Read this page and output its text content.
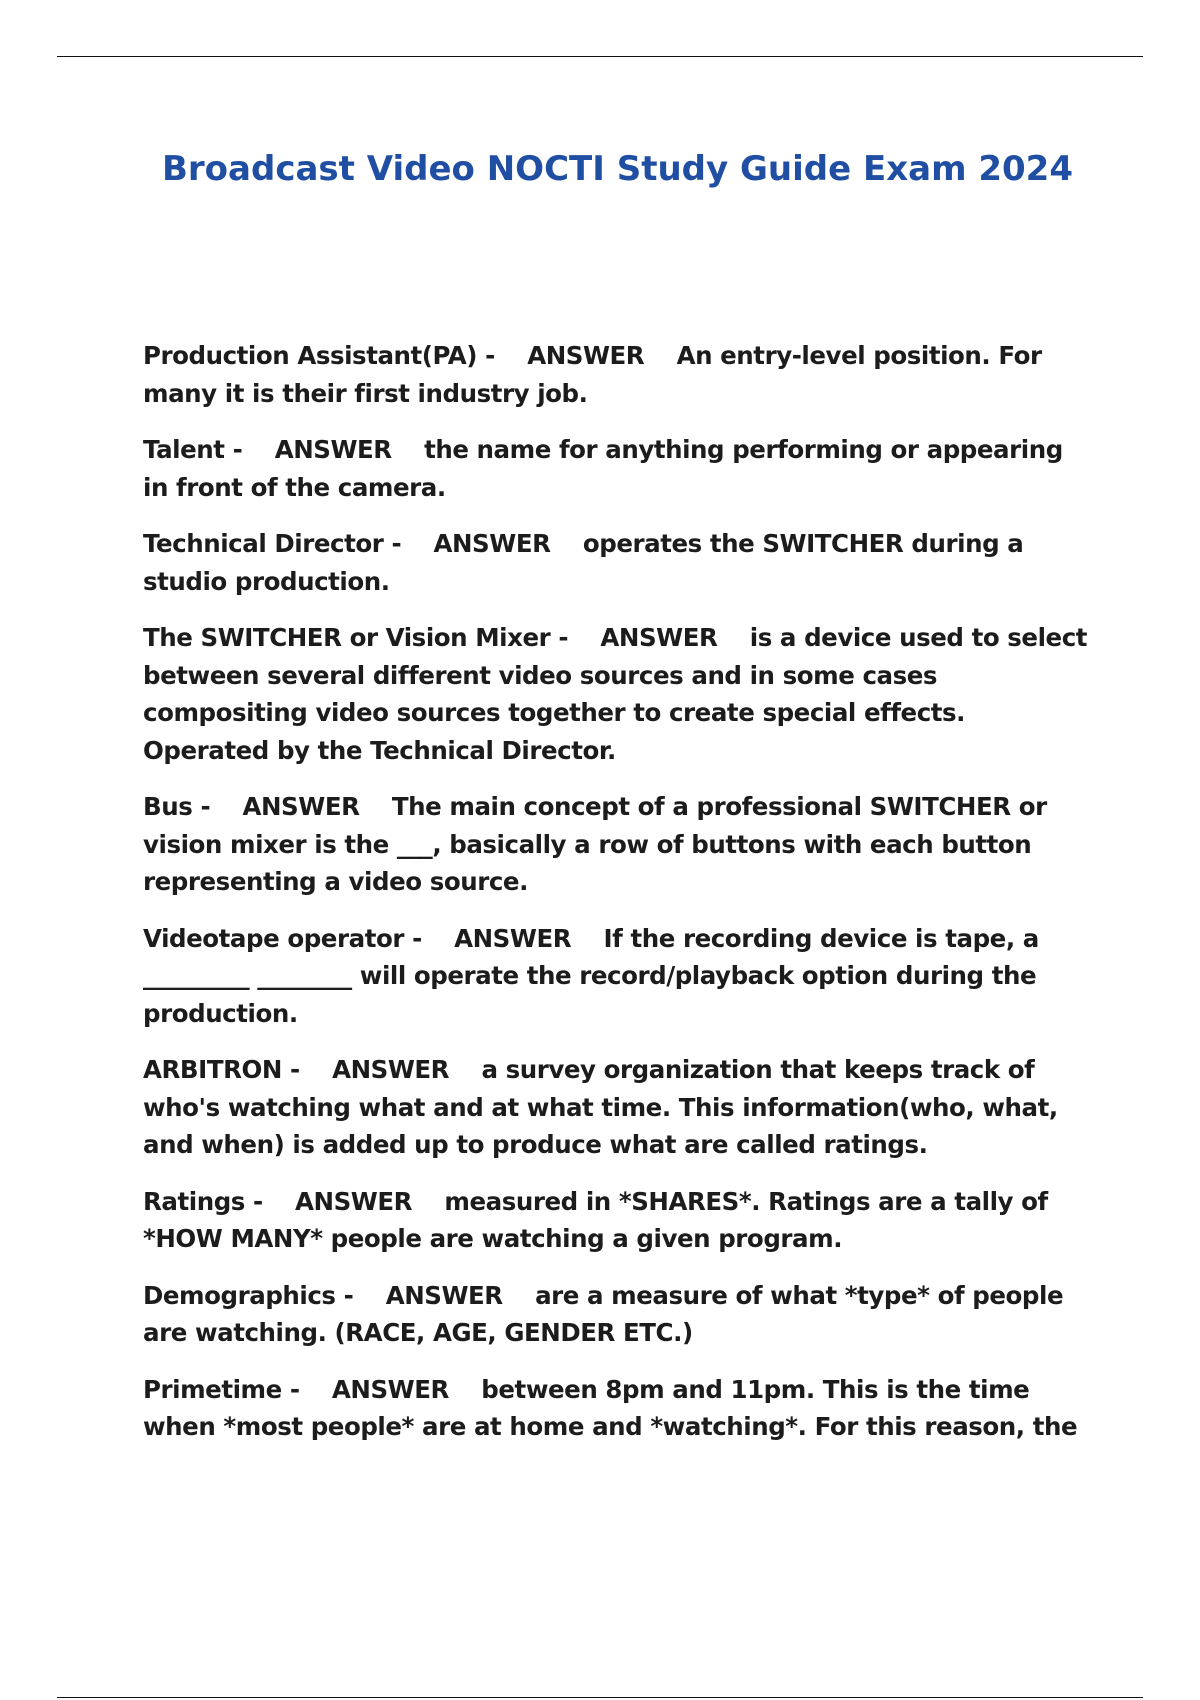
Broadcast Video NOCTI Study Guide Exam 2024
Production Assistant(PA) -    ANSWER An entry-level position. For many it is their first industry job.
Talent -    ANSWER the name for anything performing or appearing in front of the camera.
Technical Director -    ANSWER operates the SWITCHER during a studio production.
The SWITCHER or Vision Mixer -    ANSWER is a device used to select between several different video sources and in some cases compositing video sources together to create special effects. Operated by the Technical Director.
Bus -    ANSWER The main concept of a professional SWITCHER or vision mixer is the ___, basically a row of buttons with each button representing a video source.
Videotape operator -    ANSWER If the recording device is tape, a _________ ________ will operate the record/playback option during the production.
ARBITRON -    ANSWER a survey organization that keeps track of who's watching what and at what time. This information(who, what, and when) is added up to produce what are called ratings.
Ratings -    ANSWER measured in *SHARES*. Ratings are a tally of *HOW MANY* people are watching a given program.
Demographics -    ANSWER are a measure of what *type* of people are watching. (RACE, AGE, GENDER ETC.)
Primetime -    ANSWER between 8pm and 11pm. This is the time when *most people* are at home and *watching*. For this reason, the
